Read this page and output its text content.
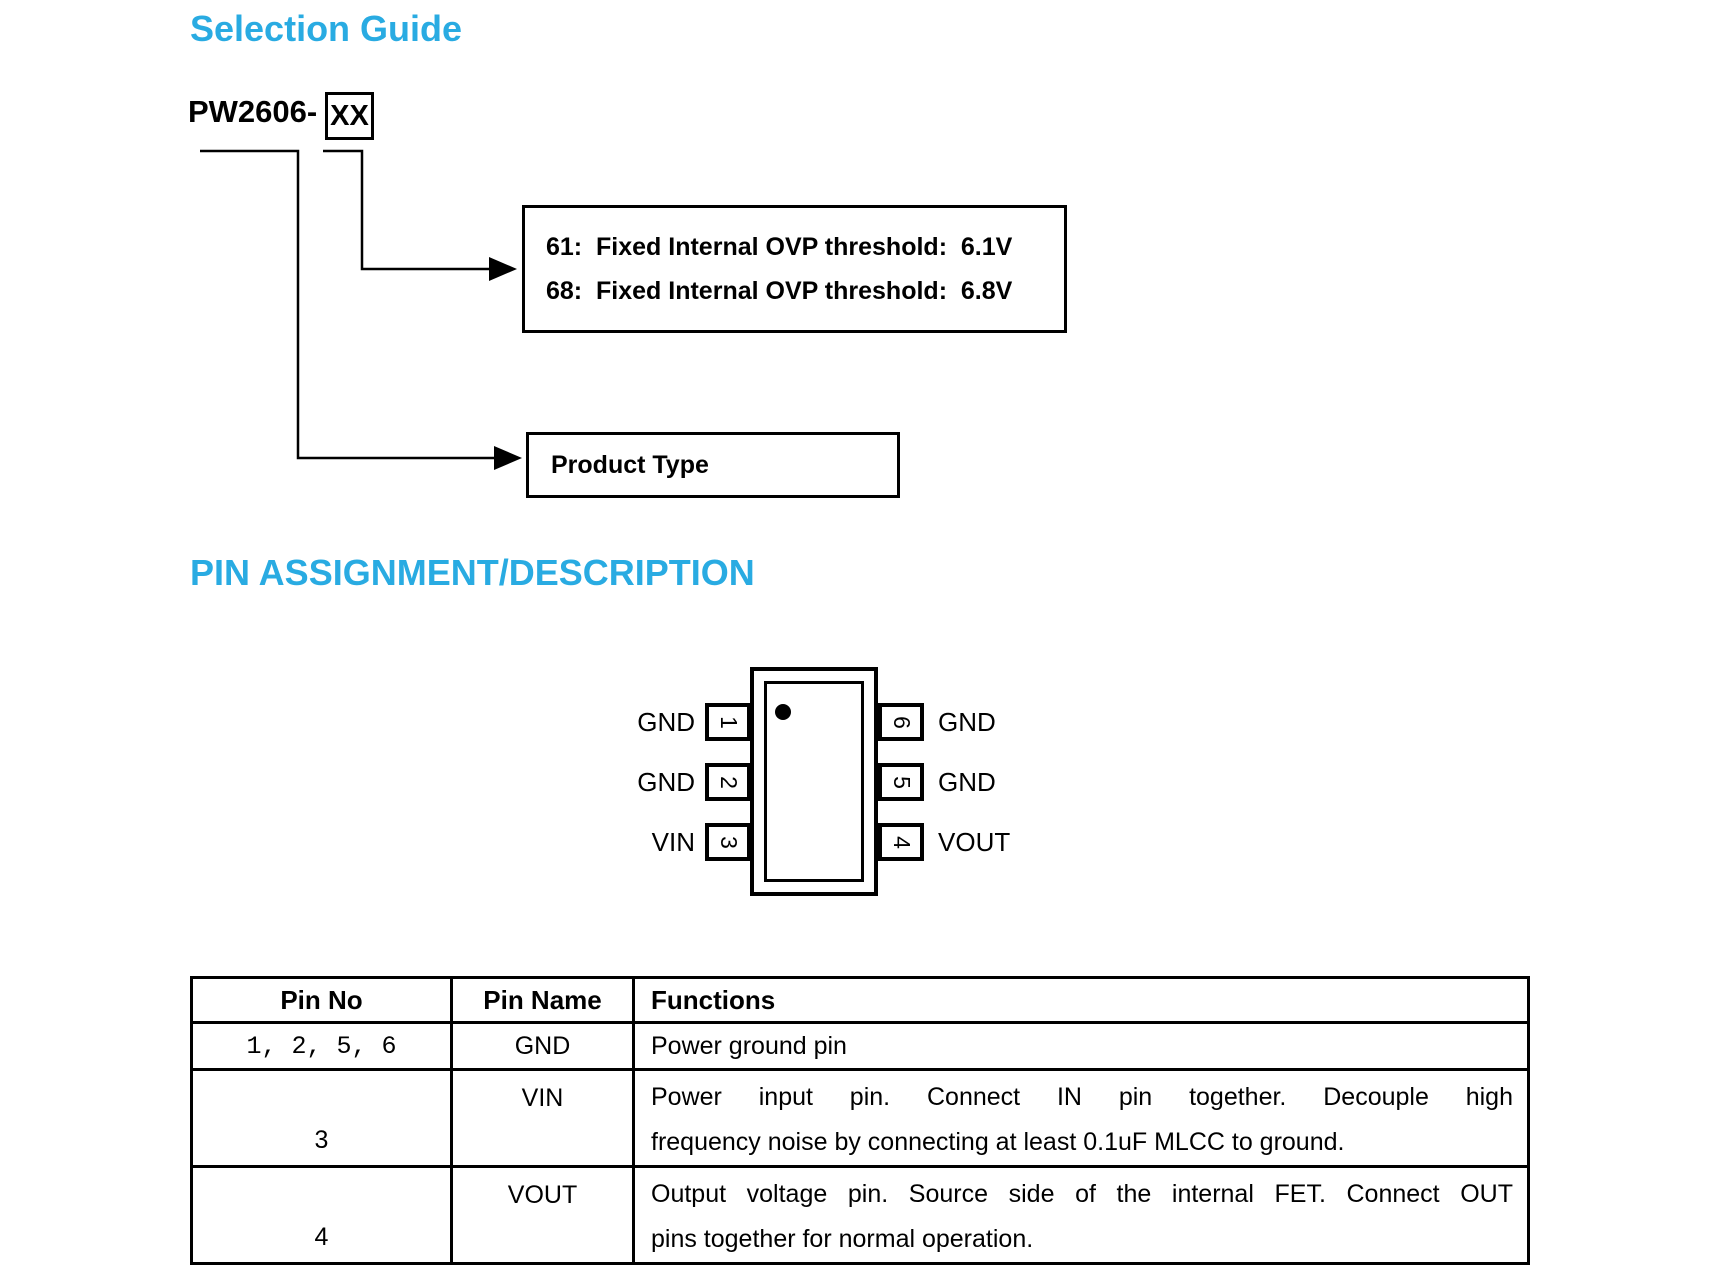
Selection Guide
PW2606- XX
61:  Fixed Internal OVP threshold:  6.1V
68:  Fixed Internal OVP threshold:  6.8V
Product Type
PIN ASSIGNMENT/DESCRIPTION
1
2
3
GND
GND
VIN
6
5
4
GND
GND
VOUT
Pin No	Pin Name	Functions
1, 2, 5, 6	GND	Power ground pin
3	VIN	Power input pin. Connect IN pin together. Decouple high
frequency noise by connecting at least 0.1uF MLCC to ground.

4	VOUT	Output voltage pin. Source side of the internal FET. Connect OUT
pins together for normal operation.
